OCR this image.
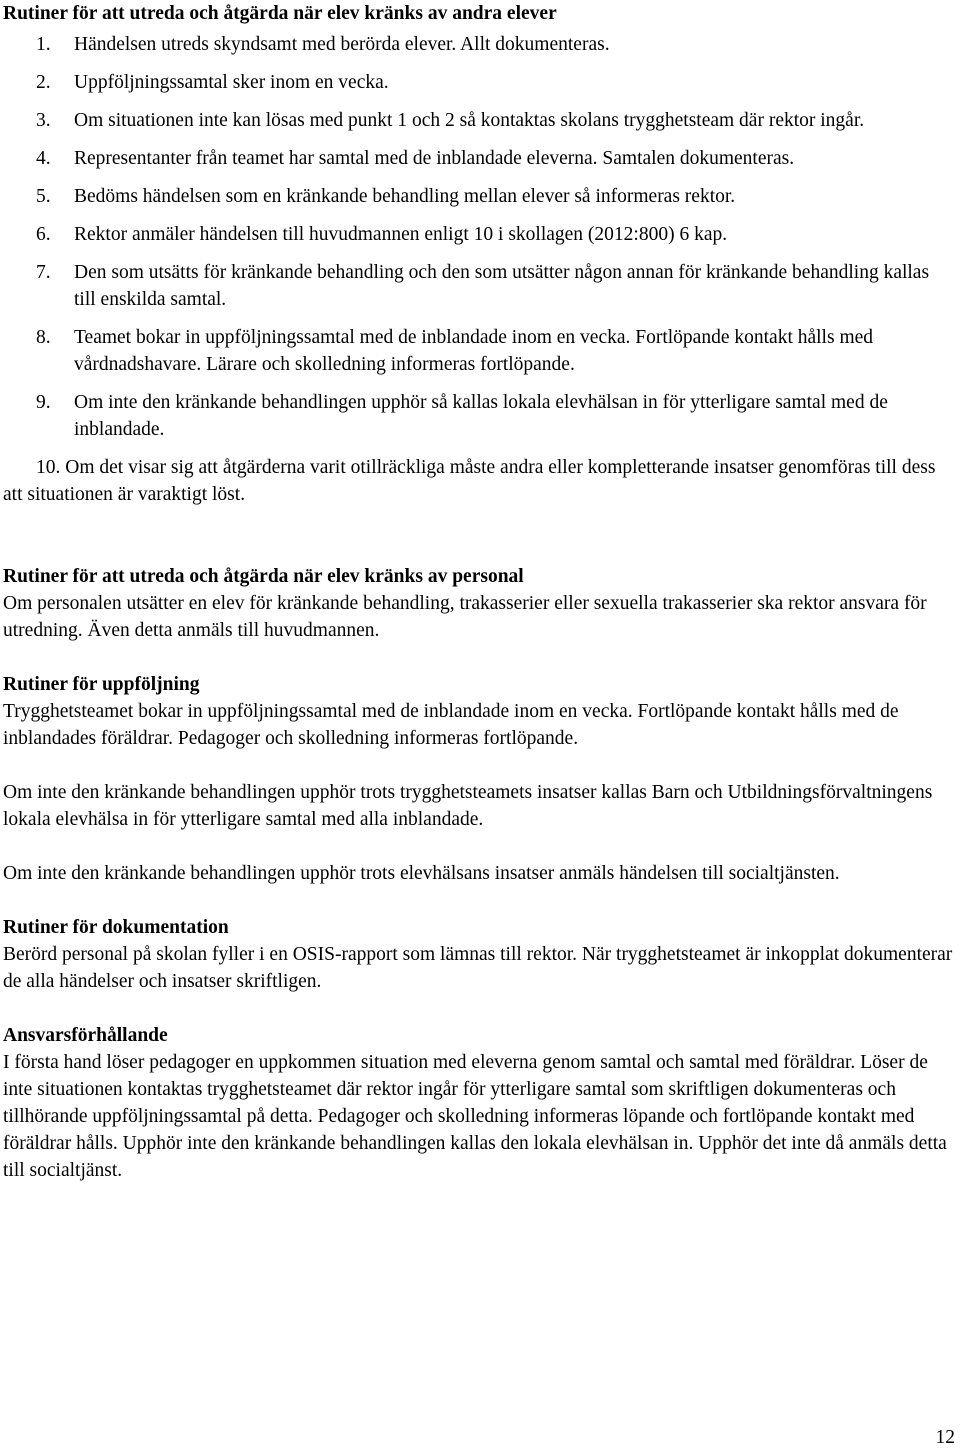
Rutiner för att utreda och åtgärda när elev kränks av andra elever
1.	Händelsen utreds skyndsamt med berörda elever. Allt dokumenteras.
2.	Uppföljningssamtal sker inom en vecka.
3.	Om situationen inte kan lösas med punkt 1 och 2 så kontaktas skolans trygghetsteam där rektor ingår.
4.	Representanter från teamet har samtal med de inblandade eleverna. Samtalen dokumenteras.
5.	Bedöms händelsen som en kränkande behandling mellan elever så informeras rektor.
6.	Rektor anmäler händelsen till huvudmannen enligt 10 i skollagen (2012:800) 6 kap.
7.	Den som utsätts för kränkande behandling och den som utsätter någon annan för kränkande behandling kallas till enskilda samtal.
8.	Teamet bokar in uppföljningssamtal med de inblandade inom en vecka. Fortlöpande kontakt hålls med vårdnadshavare. Lärare och skolledning informeras fortlöpande.
9.	Om inte den kränkande behandlingen upphör så kallas lokala elevhälsan in för ytterligare samtal med de inblandade.
10. Om det visar sig att åtgärderna varit otillräckliga måste andra eller kompletterande insatser genomföras till dess att situationen är varaktigt löst.
Rutiner för att utreda och åtgärda när elev kränks av personal

Om personalen utsätter en elev för kränkande behandling, trakasserier eller sexuella trakasserier ska rektor ansvara för utredning. Även detta anmäls till huvudmannen.

Rutiner för uppföljning

Trygghetsteamet bokar in uppföljningssamtal med de inblandade inom en vecka. Fortlöpande kontakt hålls med de inblandades föräldrar. Pedagoger och skolledning informeras fortlöpande.

Om inte den kränkande behandlingen upphör trots trygghetsteamets insatser kallas Barn och Utbildningsförvaltningens lokala elevhälsa in för ytterligare samtal med alla inblandade.

Om inte den kränkande behandlingen upphör trots elevhälsans insatser anmäls händelsen till socialtjänsten.

Rutiner för dokumentation

Berörd personal på skolan fyller i en OSIS-rapport som lämnas till rektor. När trygghetsteamet är inkopplat dokumenterar de alla händelser och insatser skriftligen.

Ansvarsförhållande

I första hand löser pedagoger en uppkommen situation med eleverna genom samtal och samtal med föräldrar. Löser de inte situationen kontaktas trygghetsteamet där rektor ingår för ytterligare samtal som skriftligen dokumenteras och tillhörande uppföljningssamtal på detta. Pedagoger och skolledning informeras löpande och fortlöpande kontakt med föräldrar hålls. Upphör inte den kränkande behandlingen kallas den lokala elevhälsan in. Upphör det inte då anmäls detta till socialtjänst.

12
